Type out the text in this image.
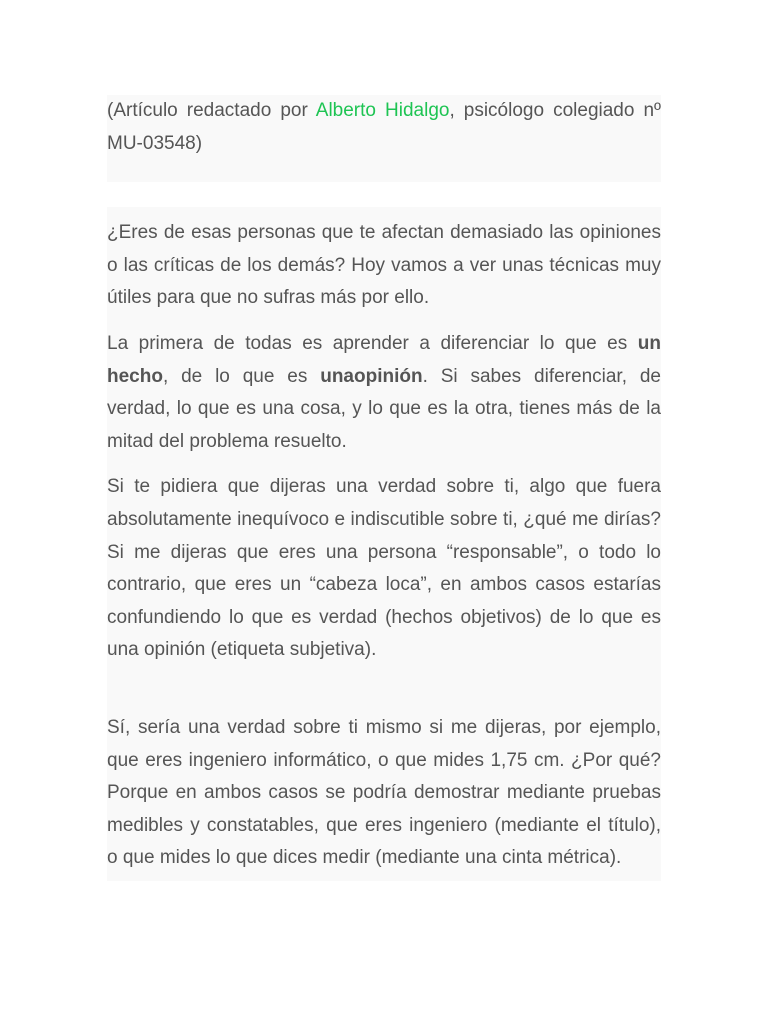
(Artículo redactado por Alberto Hidalgo, psicólogo colegiado nº MU-03548)

¿Eres de esas personas que te afectan demasiado las opiniones o las críticas de los demás? Hoy vamos a ver unas técnicas muy útiles para que no sufras más por ello.

La primera de todas es aprender a diferenciar lo que es un hecho, de lo que es unaopinión. Si sabes diferenciar, de verdad, lo que es una cosa, y lo que es la otra, tienes más de la mitad del problema resuelto.

Si te pidiera que dijeras una verdad sobre ti, algo que fuera absolutamente inequívoco e indiscutible sobre ti, ¿qué me dirías? Si me dijeras que eres una persona “responsable”, o todo lo contrario, que eres un “cabeza loca”, en ambos casos estarías confundiendo lo que es verdad (hechos objetivos) de lo que es una opinión (etiqueta subjetiva).

Sí, sería una verdad sobre ti mismo si me dijeras, por ejemplo, que eres ingeniero informático, o que mides 1,75 cm. ¿Por qué? Porque en ambos casos se podría demostrar mediante pruebas medibles y constatables, que eres ingeniero (mediante el título), o que mides lo que dices medir (mediante una cinta métrica).
